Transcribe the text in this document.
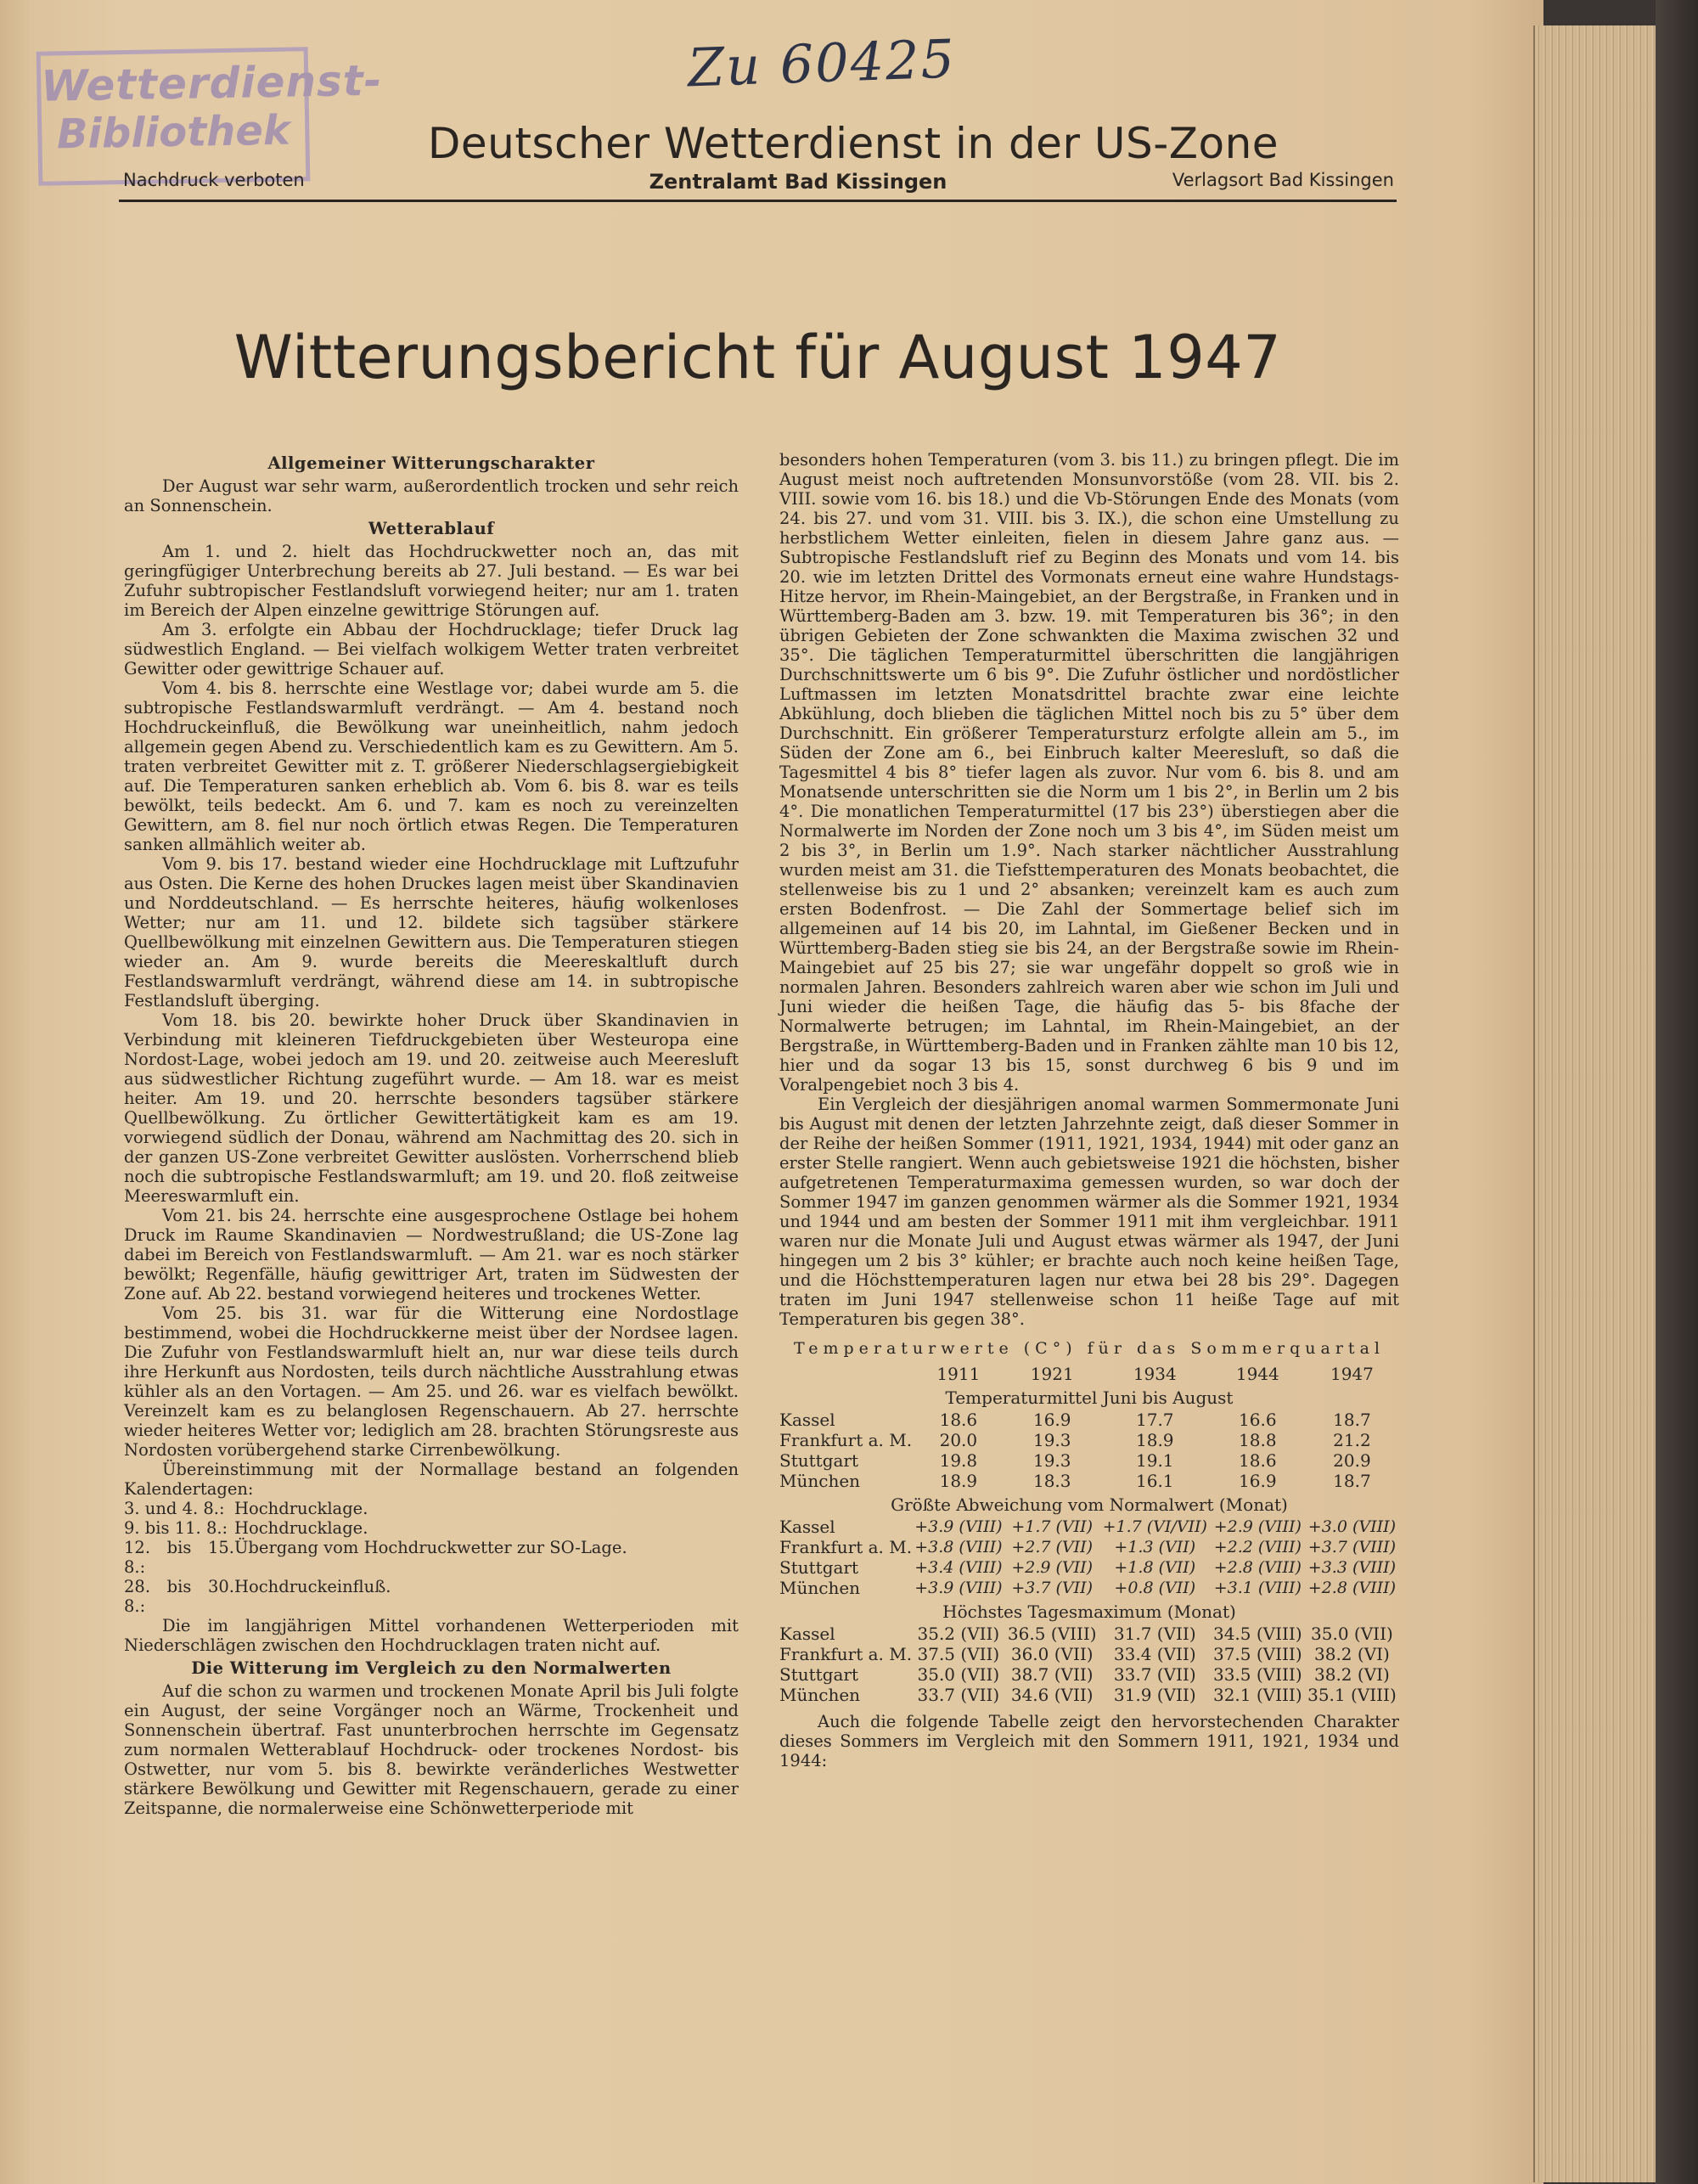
Wetterdienst-
Bibliothek
Zu 60425
Deutscher Wetterdienst in der US-Zone
Nachdruck verboten	Zentralamt Bad Kissingen	Verlagsort Bad Kissingen
Witterungsbericht für August 1947
Allgemeiner Witterungscharakter

Der August war sehr warm, außerordentlich trocken und sehr reich an Sonnenschein.

Wetterablauf

Am 1. und 2. hielt das Hochdruckwetter noch an, das mit geringfügiger Unterbrechung bereits ab 27. Juli bestand. — Es war bei Zufuhr subtropischer Festlandsluft vorwiegend heiter; nur am 1. traten im Bereich der Alpen einzelne gewittrige Störungen auf.

Am 3. erfolgte ein Abbau der Hochdrucklage; tiefer Druck lag südwestlich England. — Bei vielfach wolkigem Wetter traten verbreitet Gewitter oder gewittrige Schauer auf.

Vom 4. bis 8. herrschte eine Westlage vor; dabei wurde am 5. die subtropische Festlandswarmluft verdrängt. — Am 4. bestand noch Hochdruckeinfluß, die Bewölkung war uneinheitlich, nahm jedoch allgemein gegen Abend zu. Verschiedentlich kam es zu Gewittern. Am 5. traten verbreitet Gewitter mit z. T. größerer Niederschlagsergiebigkeit auf. Die Temperaturen sanken erheblich ab. Vom 6. bis 8. war es teils bewölkt, teils bedeckt. Am 6. und 7. kam es noch zu vereinzelten Gewittern, am 8. fiel nur noch örtlich etwas Regen. Die Temperaturen sanken allmählich weiter ab.

Vom 9. bis 17. bestand wieder eine Hochdrucklage mit Luftzufuhr aus Osten. Die Kerne des hohen Druckes lagen meist über Skandinavien und Norddeutschland. — Es herrschte heiteres, häufig wolkenloses Wetter; nur am 11. und 12. bildete sich tagsüber stärkere Quellbewölkung mit einzelnen Gewittern aus. Die Temperaturen stiegen wieder an. Am 9. wurde bereits die Meereskaltluft durch Festlandswarmluft verdrängt, während diese am 14. in subtropische Festlandsluft überging.

Vom 18. bis 20. bewirkte hoher Druck über Skandinavien in Verbindung mit kleineren Tiefdruckgebieten über Westeuropa eine Nordost-Lage, wobei jedoch am 19. und 20. zeitweise auch Meeresluft aus südwestlicher Richtung zugeführt wurde. — Am 18. war es meist heiter. Am 19. und 20. herrschte besonders tagsüber stärkere Quellbewölkung. Zu örtlicher Gewittertätigkeit kam es am 19. vorwiegend südlich der Donau, während am Nachmittag des 20. sich in der ganzen US-Zone verbreitet Gewitter auslösten. Vorherrschend blieb noch die subtropische Festlandswarmluft; am 19. und 20. floß zeitweise Meereswarmluft ein.

Vom 21. bis 24. herrschte eine ausgesprochene Ostlage bei hohem Druck im Raume Skandinavien — Nordwestrußland; die US-Zone lag dabei im Bereich von Festlandswarmluft. — Am 21. war es noch stärker bewölkt; Regenfälle, häufig gewittriger Art, traten im Südwesten der Zone auf. Ab 22. bestand vorwiegend heiteres und trockenes Wetter.

Vom 25. bis 31. war für die Witterung eine Nordostlage bestimmend, wobei die Hochdruckkerne meist über der Nordsee lagen. Die Zufuhr von Festlandswarmluft hielt an, nur war diese teils durch ihre Herkunft aus Nordosten, teils durch nächtliche Ausstrahlung etwas kühler als an den Vortagen. — Am 25. und 26. war es vielfach bewölkt. Vereinzelt kam es zu belanglosen Regenschauern. Ab 27. herrschte wieder heiteres Wetter vor; lediglich am 28. brachten Störungsreste aus Nordosten vorübergehend starke Cirrenbewölkung.

Übereinstimmung mit der Normallage bestand an folgenden Kalendertagen:

3. und 4. 8.: Hochdrucklage.
9. bis 11. 8.: Hochdrucklage.
12. bis 15. 8.:
Übergang vom Hochdruckwetter zur SO-Lage.
28. bis 30. 8.:
Hochdruckeinfluß.

Die im langjährigen Mittel vorhandenen Wetterperioden mit Niederschlägen zwischen den Hochdrucklagen traten nicht auf.

Die Witterung im Vergleich zu den Normalwerten

Auf die schon zu warmen und trockenen Monate April bis Juli folgte ein August, der seine Vorgänger noch an Wärme, Trockenheit und Sonnenschein übertraf. Fast ununterbrochen herrschte im Gegensatz zum normalen Wetterablauf Hochdruck- oder trockenes Nordost- bis Ostwetter, nur vom 5. bis 8. bewirkte veränderliches Westwetter stärkere Bewölkung und Gewitter mit Regenschauern, gerade zu einer Zeitspanne, die normalerweise eine Schönwetterperiode mit

besonders hohen Temperaturen (vom 3. bis 11.) zu bringen pflegt. Die im August meist noch auftretenden Monsunvorstöße (vom 28. VII. bis 2. VIII. sowie vom 16. bis 18.) und die Vb-Störungen Ende des Monats (vom 24. bis 27. und vom 31. VIII. bis 3. IX.), die schon eine Umstellung zu herbstlichem Wetter einleiten, fielen in diesem Jahre ganz aus. — Subtropische Festlandsluft rief zu Beginn des Monats und vom 14. bis 20. wie im letzten Drittel des Vormonats erneut eine wahre Hundstags-Hitze hervor, im Rhein-Maingebiet, an der Bergstraße, in Franken und in Württemberg-Baden am 3. bzw. 19. mit Temperaturen bis 36°; in den übrigen Gebieten der Zone schwankten die Maxima zwischen 32 und 35°. Die täglichen Temperaturmittel überschritten die langjährigen Durchschnittswerte um 6 bis 9°. Die Zufuhr östlicher und nordöstlicher Luftmassen im letzten Monatsdrittel brachte zwar eine leichte Abkühlung, doch blieben die täglichen Mittel noch bis zu 5° über dem Durchschnitt. Ein größerer Temperatursturz erfolgte allein am 5., im Süden der Zone am 6., bei Einbruch kalter Meeresluft, so daß die Tagesmittel 4 bis 8° tiefer lagen als zuvor. Nur vom 6. bis 8. und am Monatsende unterschritten sie die Norm um 1 bis 2°, in Berlin um 2 bis 4°. Die monatlichen Temperaturmittel (17 bis 23°) überstiegen aber die Normalwerte im Norden der Zone noch um 3 bis 4°, im Süden meist um 2 bis 3°, in Berlin um 1.9°. Nach starker nächtlicher Ausstrahlung wurden meist am 31. die Tiefsttemperaturen des Monats beobachtet, die stellenweise bis zu 1 und 2° absanken; vereinzelt kam es auch zum ersten Bodenfrost. — Die Zahl der Sommertage belief sich im allgemeinen auf 14 bis 20, im Lahntal, im Gießener Becken und in Württemberg-Baden stieg sie bis 24, an der Bergstraße sowie im Rhein-Maingebiet auf 25 bis 27; sie war ungefähr doppelt so groß wie in normalen Jahren. Besonders zahlreich waren aber wie schon im Juli und Juni wieder die heißen Tage, die häufig das 5- bis 8fache der Normalwerte betrugen; im Lahntal, im Rhein-Maingebiet, an der Bergstraße, in Württemberg-Baden und in Franken zählte man 10 bis 12, hier und da sogar 13 bis 15, sonst durchweg 6 bis 9 und im Voralpengebiet noch 3 bis 4.

Ein Vergleich der diesjährigen anomal warmen Sommermonate Juni bis August mit denen der letzten Jahrzehnte zeigt, daß dieser Sommer in der Reihe der heißen Sommer (1911, 1921, 1934, 1944) mit oder ganz an erster Stelle rangiert. Wenn auch gebietsweise 1921 die höchsten, bisher aufgetretenen Temperaturmaxima gemessen wurden, so war doch der Sommer 1947 im ganzen genommen wärmer als die Sommer 1921, 1934 und 1944 und am besten der Sommer 1911 mit ihm vergleichbar. 1911 waren nur die Monate Juli und August etwas wärmer als 1947, der Juni hingegen um 2 bis 3° kühler; er brachte auch noch keine heißen Tage, und die Höchsttemperaturen lagen nur etwa bei 28 bis 29°. Dagegen traten im Juni 1947 stellenweise schon 11 heiße Tage auf mit Temperaturen bis gegen 38°.

Temperaturwerte (C°) für das Sommerquartal
	1911	1921	1934	1944	1947
Temperaturmittel Juni bis August					
Kassel	18.6	16.9	17.7	16.6	18.7
Frankfurt a. M.	20.0	19.3	18.9	18.8	21.2
Stuttgart	19.8	19.3	19.1	18.6	20.9
München	18.9	18.3	16.1	16.9	18.7
Größte Abweichung vom Normalwert (Monat)					
Kassel	+3.9 (VIII)	+1.7 (VII)	+1.7 (VI/VII)	+2.9 (VIII)	+3.0 (VIII)
Frankfurt a. M.	+3.8 (VIII)	+2.7 (VII)	+1.3 (VII)	+2.2 (VIII)	+3.7 (VIII)
Stuttgart	+3.4 (VIII)	+2.9 (VII)	+1.8 (VII)	+2.8 (VIII)	+3.3 (VIII)
München	+3.9 (VIII)	+3.7 (VII)	+0.8 (VII)	+3.1 (VIII)	+2.8 (VIII)
Höchstes Tagesmaximum (Monat)					
Kassel	35.2 (VII)	36.5 (VIII)	31.7 (VII)	34.5 (VIII)	35.0 (VII)
Frankfurt a. M.	37.5 (VII)	36.0 (VII)	33.4 (VII)	37.5 (VIII)	38.2 (VI)
Stuttgart	35.0 (VII)	38.7 (VII)	33.7 (VII)	33.5 (VIII)	38.2 (VI)
München	33.7 (VII)	34.6 (VII)	31.9 (VII)	32.1 (VIII)	35.1 (VIII)

Auch die folgende Tabelle zeigt den hervorstechenden Charakter dieses Sommers im Vergleich mit den Sommern 1911, 1921, 1934 und 1944:
